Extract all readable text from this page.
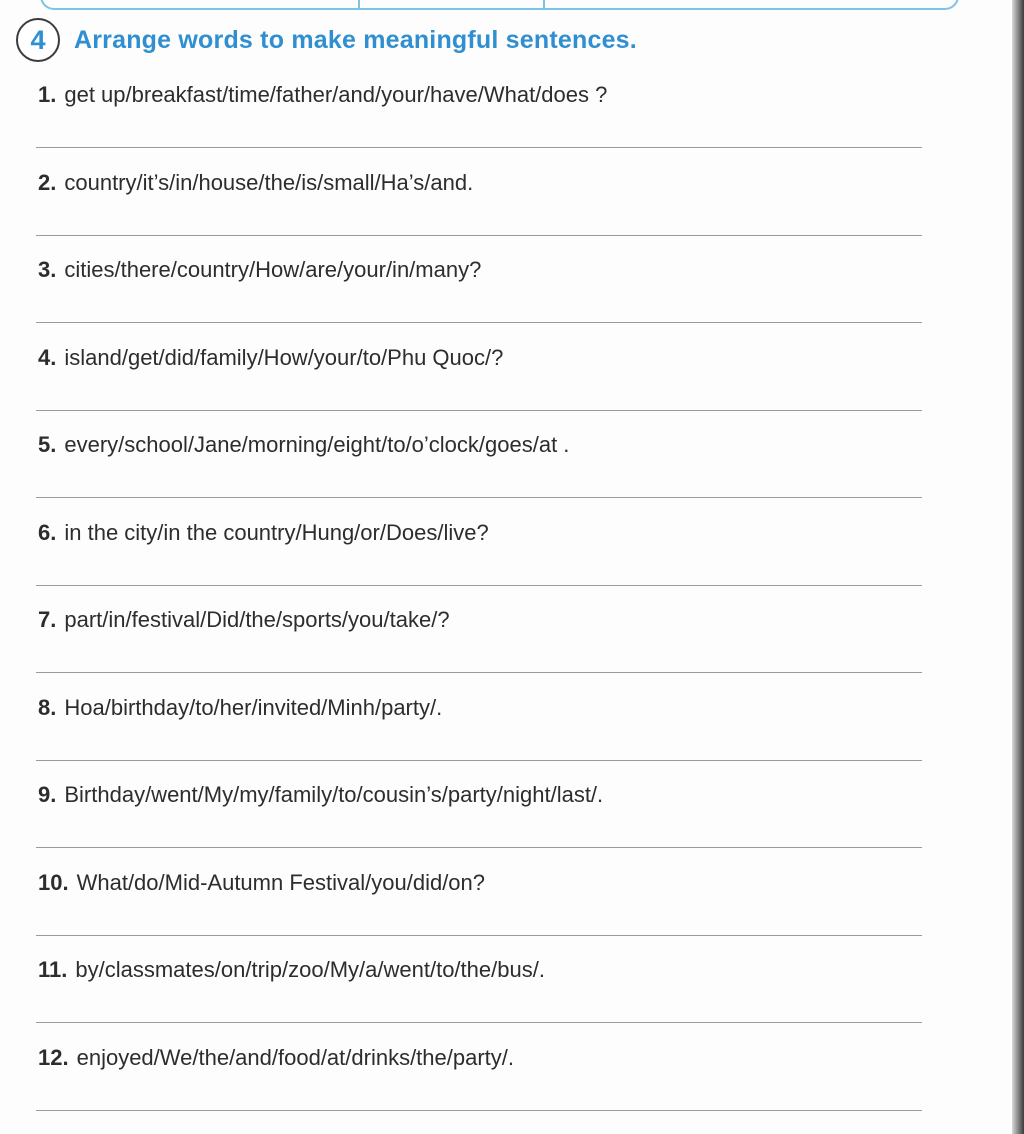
4	Arrange words to make meaningful sentences.
1. get up/breakfast/time/father/and/your/have/What/does ?
2. country/it’s/in/house/the/is/small/Ha’s/and.
3. cities/there/country/How/are/your/in/many?
4. island/get/did/family/How/your/to/Phu Quoc/?
5. every/school/Jane/morning/eight/to/o’clock/goes/at .
6. in the city/in the country/Hung/or/Does/live?
7. part/in/festival/Did/the/sports/you/take/?
8. Hoa/birthday/to/her/invited/Minh/party/.
9. Birthday/went/My/my/family/to/cousin’s/party/night/last/.
10. What/do/Mid-Autumn Festival/you/did/on?
11. by/classmates/on/trip/zoo/My/a/went/to/the/bus/.
12. enjoyed/We/the/and/food/at/drinks/the/party/.
